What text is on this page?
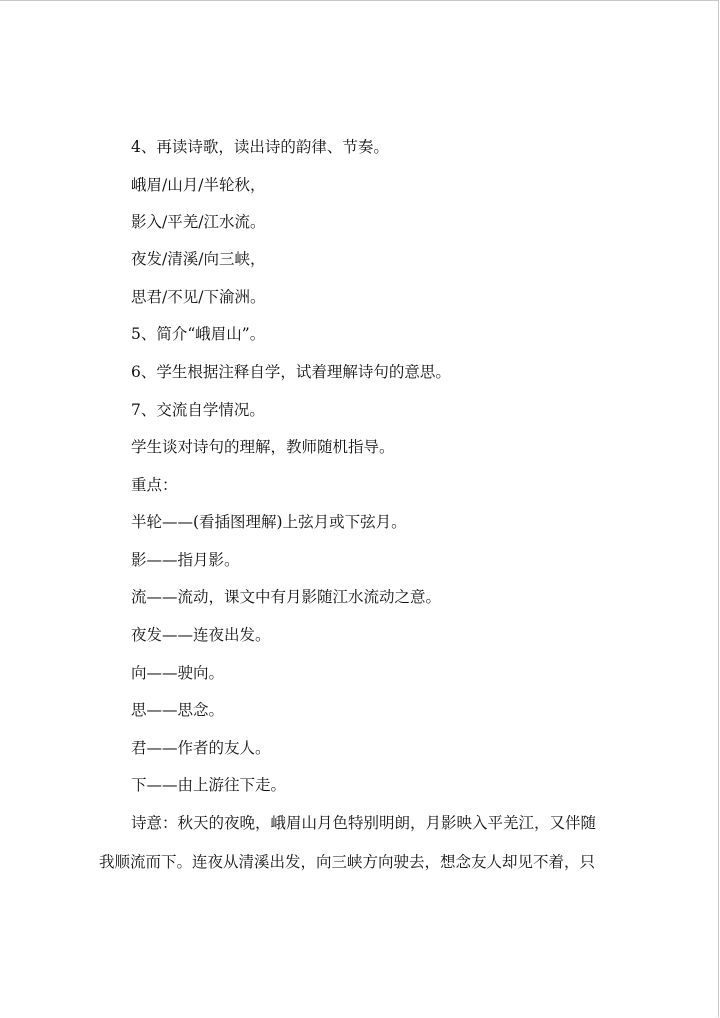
4、再读诗歌，读出诗的韵律、节奏。
峨眉/山月/半轮秋，
影入/平羌/江水流。
夜发/清溪/向三峡，
思君/不见/下渝洲。
5、简介“峨眉山”。
6、学生根据注释自学，试着理解诗句的意思。
7、交流自学情况。
学生谈对诗句的理解，教师随机指导。
重点：
半轮——(看插图理解)上弦月或下弦月。
影——指月影。
流——流动，课文中有月影随江水流动之意。
夜发——连夜出发。
向——驶向。
思——思念。
君——作者的友人。
下——由上游往下走。
诗意：秋天的夜晚，峨眉山月色特别明朗，月影映入平羌江，又伴随
我顺流而下。连夜从清溪出发，向三峡方向驶去，想念友人却见不着，只
